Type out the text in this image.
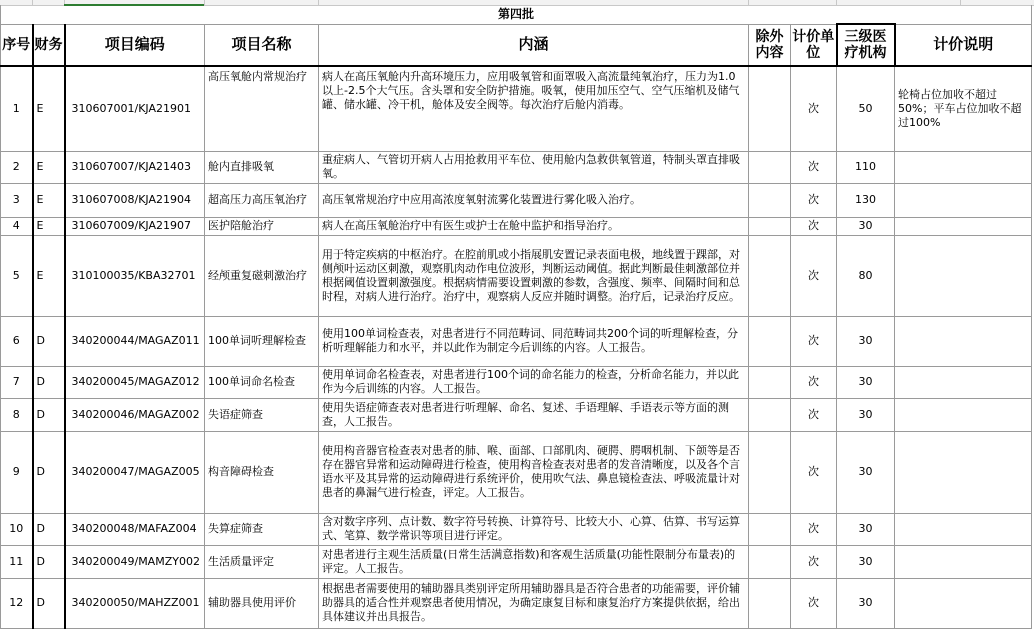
第四批								
序号	财务	项目编码	项目名称	内涵	除外内容	计价单位	三级医疗机构	计价说明
1	E	310607001/KJA21901	高压氧舱内常规治疗	病人在高压氧舱内升高环境压力，应用吸氧管和面罩吸入高流量纯氧治疗，压力为1.0以上-2.5个大气压。含头罩和安全防护措施。吸氧，使用加压空气、空气压缩机及储气罐、储水罐、冷干机，舱体及安全阀等。每次治疗后舱内消毒。		次	50	轮椅占位加收不超过50%；平车占位加收不超过100%
2	E	310607007/KJA21403	舱内直排吸氧	重症病人、气管切开病人占用抢救用平车位、使用舱内急救供氧管道，特制头罩直排吸氧。		次	110	
3	E	310607008/KJA21904	超高压力高压氧治疗	高压氧常规治疗中应用高浓度氧射流雾化装置进行雾化吸入治疗。		次	130	
4	E	310607009/KJA21907	医护陪舱治疗	病人在高压氧舱治疗中有医生或护士在舱中监护和指导治疗。		次	30	
5	E	310100035/KBA32701	经颅重复磁刺激治疗	用于特定疾病的中枢治疗。在腔前肌或小指展肌安置记录表面电极，地线置于踝部，对侧颅叶运动区刺激，观察肌肉动作电位波形，判断运动阈值。据此判断最佳刺激部位并根据阈值设置刺激强度。根据病情需要设置刺激的参数，含强度、频率、间隔时间和总时程，对病人进行治疗。治疗中，观察病人反应并随时调整。治疗后，记录治疗反应。		次	80	
6	D	340200044/MAGAZ011	100单词听理解检查	使用100单词检查表，对患者进行不同范畴词、同范畴词共200个词的听理解检查，分析听理解能力和水平，并以此作为制定今后训练的内容。人工报告。		次	30	
7	D	340200045/MAGAZ012	100单词命名检查	使用单词命名检查表，对患者进行100个词的命名能力的检查，分析命名能力，并以此作为今后训练的内容。人工报告。		次	30	
8	D	340200046/MAGAZ002	失语症筛查	使用失语症筛查表对患者进行听理解、命名、复述、手语理解、手语表示等方面的测查，人工报告。		次	30	
9	D	340200047/MAGAZ005	构音障碍检查	使用构音器官检查表对患者的肺、喉、面部、口部肌肉、硬腭、腭咽机制、下颌等是否存在器官异常和运动障碍进行检查，使用构音检查表对患者的发音清晰度，以及各个言语水平及其异常的运动障碍进行系统评价，使用吹气法、鼻息镜检查法、呼吸流量计对患者的鼻漏气进行检查，评定。人工报告。		次	30	
10	D	340200048/MAFAZ004	失算症筛查	含对数字序列、点计数、数字符号转换、计算符号、比较大小、心算、估算、书写运算式、笔算、数学常识等项目进行评定。		次	30	
11	D	340200049/MAMZY002	生活质量评定	对患者进行主观生活质量(日常生活满意指数)和客观生活质量(功能性限制分布量表)的评定。人工报告。		次	30	
12	D	340200050/MAHZZ001	辅助器具使用评价	根据患者需要使用的辅助器具类别评定所用辅助器具是否符合患者的功能需要，评价辅助器具的适合性并观察患者使用情况，为确定康复目标和康复治疗方案提供依据，给出具体建议并出具报告。		次	30	
